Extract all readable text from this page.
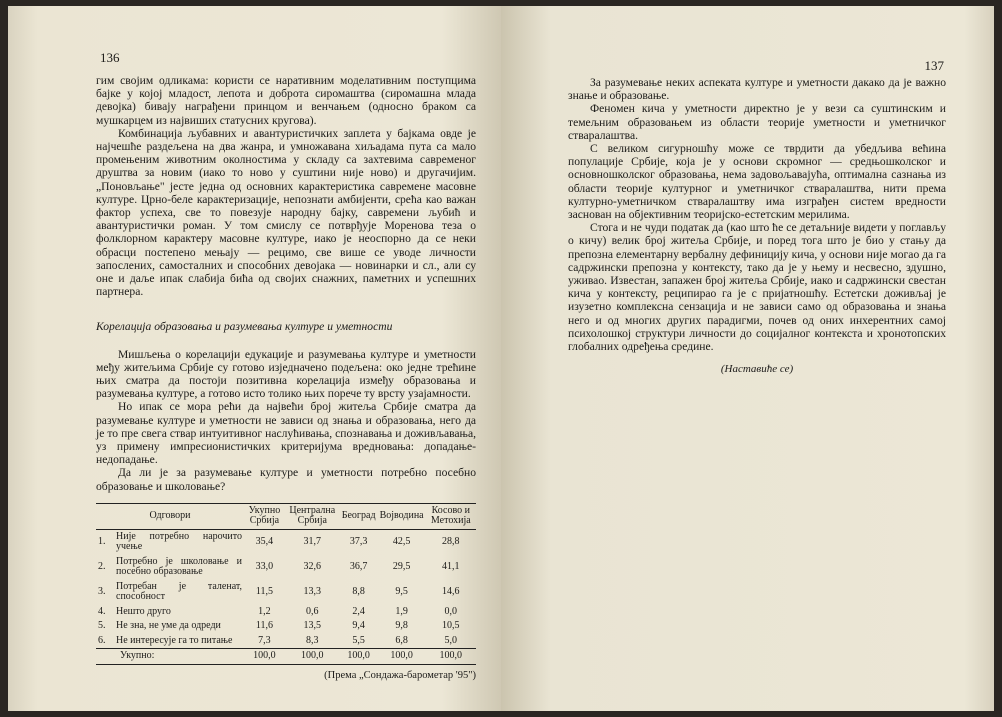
136

гим својим одликама: користи се наративним моделативним поступцима бајке у којој младост, лепота и доброта сиромаштва (сиромашна млада девојка) бивају награђени принцом и венчањем (односно браком са мушкарцем из највиших статусних кругова).

Комбинација љубавних и авантуристичких заплета у бајкама овде је најчешће раздељена на два жанра, и умножавана хиљадама пута са мало промењеним животним околностима у складу са захтевима савременог друштва за новим (иако то ново у суштини није ново) и другачијим. „Поновљање" јесте једна од основних карактеристика савремене масовне културе. Црно-беле карактеризације, непознати амбијенти, срећа као важан фактор успеха, све то повезује народну бајку, савремени љубић и авантуристички роман. У том смислу се потврђује Моренова теза о фолклорном карактеру масовне културе, иако је неоспорно да се неки обрасци постепено мењају — рецимо, све више се уводе личности запослених, самосталних и способних девојака — новинарки и сл., али су оне и даље ипак слабија бића од својих снажних, паметних и успешних партнера.

Корелација образовања и разумевања културе и уметности

Мишљења о корелацији едукације и разумевања културе и уметности међу житељима Србије су готово изједначено подељена: око једне трећине њих сматра да постоји позитивна корелација између образовања и разумевања културе, а готово исто толико њих порече ту врсту узајамности.

Но ипак се мора рећи да највећи број житеља Србије сматра да разумевање културе и уметности не зависи од знања и образовања, него да је то пре свега ствар интуитивног наслућивања, спознавања и доживљавања, уз примену импресионистичких критеријума вредновања: допадање-недопадање.

Да ли је за разумевање културе и уметности потребно посебно образовање и школовање?

Одговори		Укупно Србија	Централна Србија	Београд	Војводина	Косово и Метохија
1.	Није потребно нарочито учење	35,4	31,7	37,3	42,5	28,8
2.	Потребно је школовање и посебно образовање	33,0	32,6	36,7	29,5	41,1
3.	Потребан је таленат, способност	11,5	13,3	8,8	9,5	14,6
4.	Нешто друго	1,2	0,6	2,4	1,9	0,0
5.	Не зна, не уме да одреди	11,6	13,5	9,4	9,8	10,5
6.	Не интересује га то питање	7,3	8,3	5,5	6,8	5,0
Укупно:		100,0	100,0	100,0	100,0	100,0
(Према „Сондажа-барометар '95")
137

За разумевање неких аспеката културе и уметности дакако да је важно знање и образовање.

Феномен кича у уметности директно је у вези са суштинским и темељним образовањем из области теорије уметности и уметничког стваралаштва.

С великом сигурношћу може се тврдити да убедљива већина популације Србије, која је у основи скромног — средњошколског и основношколског образовања, нема задовољавајућа, оптимална сазнања из области теорије културног и уметничког стваралаштва, нити према културно-уметничком стваралаштву има изграђен систем вредности заснован на објективним теоријско-естетским мерилима.

Стога и не чуди податак да (као што ће се детаљније видети у поглављу о кичу) велик број житеља Србије, и поред тога што је био у стању да препозна елементарну вербалну дефиницију кича, у основи није могао да га садржински препозна у контексту, тако да је у њему и несвесно, здушно, уживао. Известан, запажен број житеља Србије, иако и садржински свестан кича у контексту, реципирао га је с пријатношћу. Естетски доживљај је изузетно комплексна сензација и не зависи само од образовања и знања него и од многих других парадигми, почев од оних инхерентних самој психолошкој структури личности до социјалног контекста и хронотопских глобалних одређења средине.

(Наставиће се)
